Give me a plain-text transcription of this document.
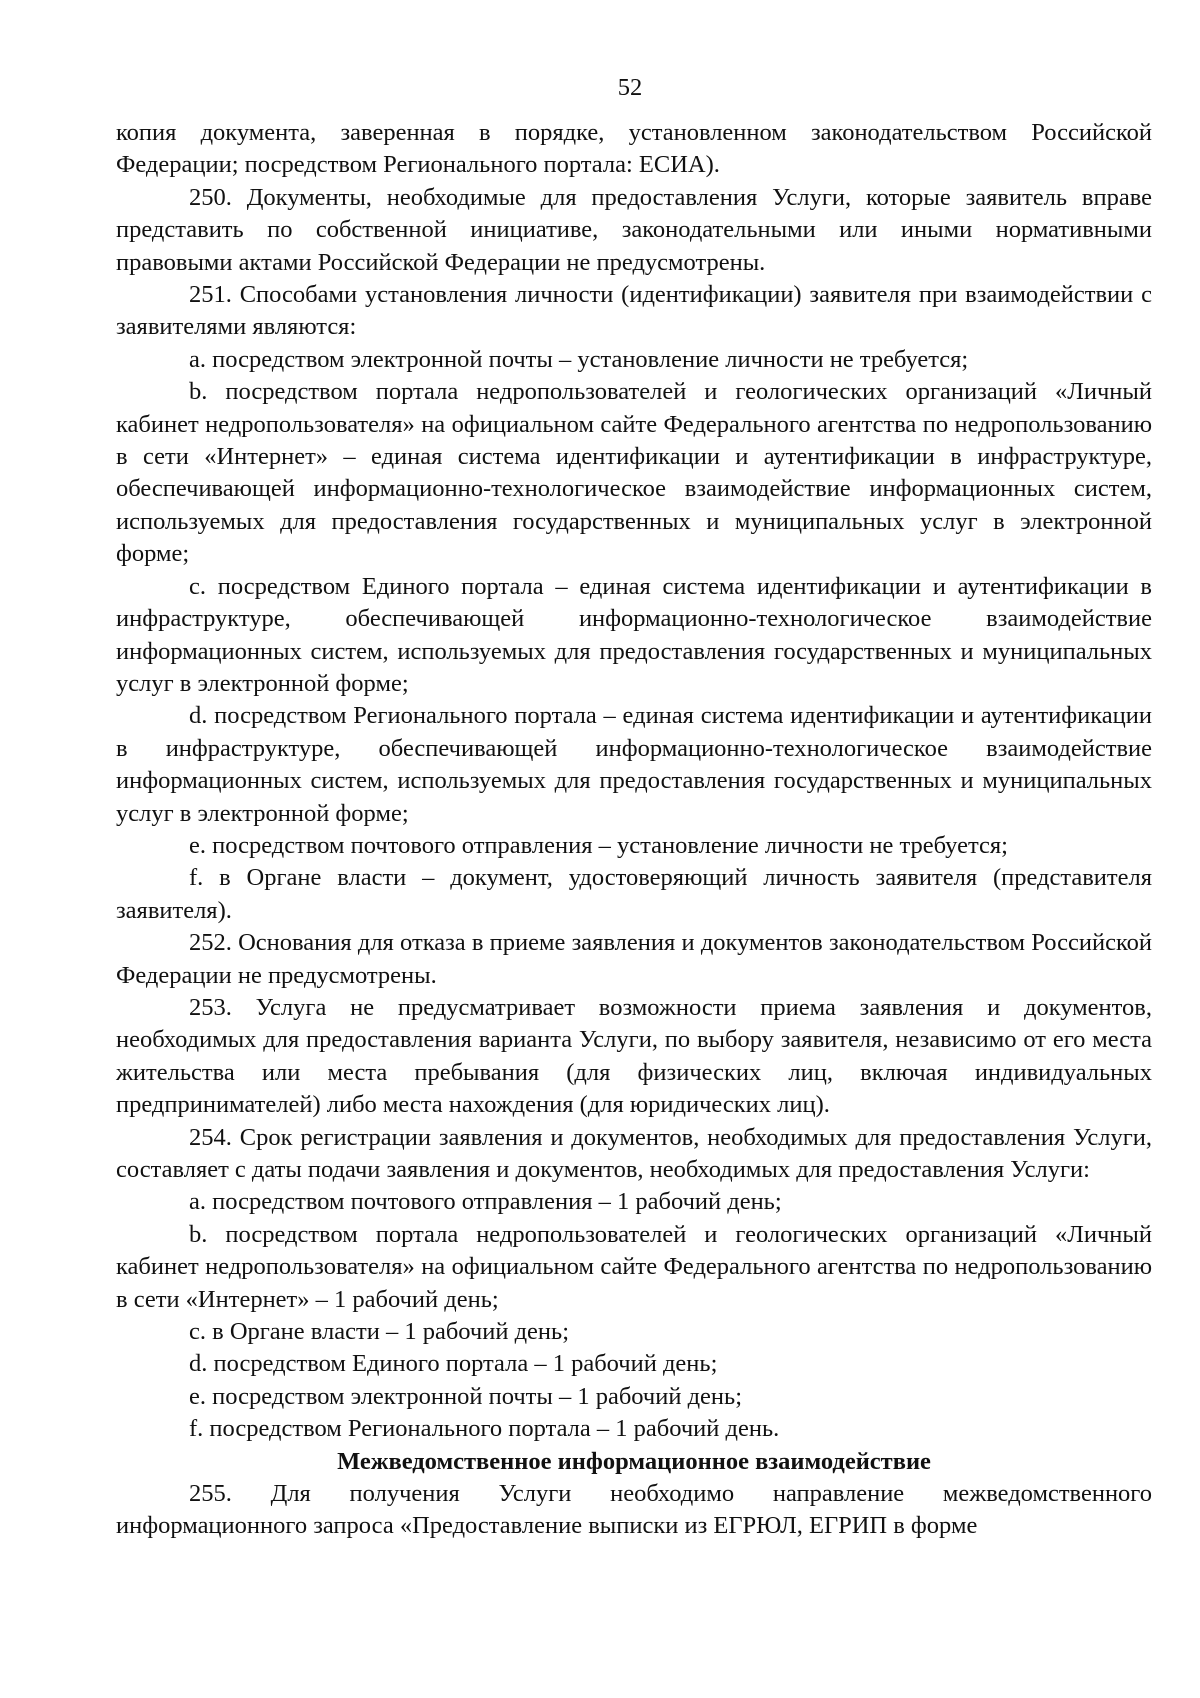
52

копия документа, заверенная в порядке, установленном законодательством Российской Федерации; посредством Регионального портала: ЕСИА).

250. Документы, необходимые для предоставления Услуги, которые заявитель вправе представить по собственной инициативе, законодательными или иными нормативными правовыми актами Российской Федерации не предусмотрены.

251. Способами установления личности (идентификации) заявителя при взаимодействии с заявителями являются:

a. посредством электронной почты – установление личности не требуется;

b. посредством портала недропользователей и геологических организаций «Личный кабинет недропользователя» на официальном сайте Федерального агентства по недропользованию в сети «Интернет» – единая система идентификации и аутентификации в инфраструктуре, обеспечивающей информационно-технологическое взаимодействие информационных систем, используемых для предоставления государственных и муниципальных услуг в электронной форме;

c. посредством Единого портала – единая система идентификации и аутентификации в инфраструктуре, обеспечивающей информационно-технологическое взаимодействие информационных систем, используемых для предоставления государственных и муниципальных услуг в электронной форме;

d. посредством Регионального портала – единая система идентификации и аутентификации в инфраструктуре, обеспечивающей информационно-технологическое взаимодействие информационных систем, используемых для предоставления государственных и муниципальных услуг в электронной форме;

e. посредством почтового отправления – установление личности не требуется;

f. в Органе власти – документ, удостоверяющий личность заявителя (представителя заявителя).

252. Основания для отказа в приеме заявления и документов законодательством Российской Федерации не предусмотрены.

253. Услуга не предусматривает возможности приема заявления и документов, необходимых для предоставления варианта Услуги, по выбору заявителя, независимо от его места жительства или места пребывания (для физических лиц, включая индивидуальных предпринимателей) либо места нахождения (для юридических лиц).

254. Срок регистрации заявления и документов, необходимых для предоставления Услуги, составляет с даты подачи заявления и документов, необходимых для предоставления Услуги:

a. посредством почтового отправления – 1 рабочий день;

b. посредством портала недропользователей и геологических организаций «Личный кабинет недропользователя» на официальном сайте Федерального агентства по недропользованию в сети «Интернет» – 1 рабочий день;

c. в Органе власти – 1 рабочий день;

d. посредством Единого портала – 1 рабочий день;

e. посредством электронной почты – 1 рабочий день;

f. посредством Регионального портала – 1 рабочий день.

Межведомственное информационное взаимодействие

255. Для получения Услуги необходимо направление межведомственного информационного запроса «Предоставление выписки из ЕГРЮЛ, ЕГРИП в форме
